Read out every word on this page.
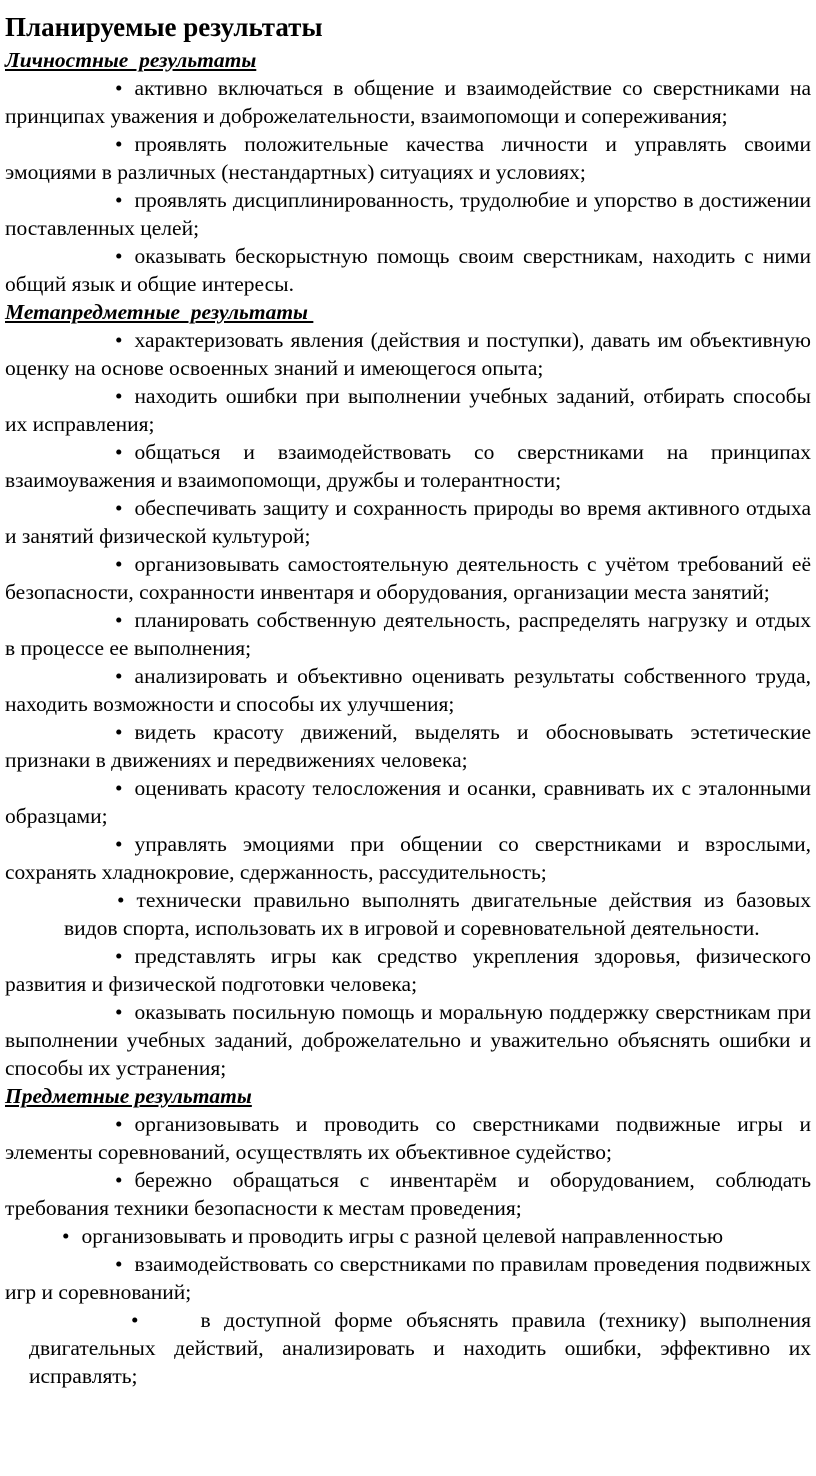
Планируемые результаты
Личностные  результаты

• активно включаться в общение и взаимодействие со сверстниками на принципах уважения и доброжелательности, взаимопомощи и сопереживания;

• проявлять положительные качества личности и управлять своими эмоциями в различных (нестандартных) ситуациях и условиях;

• проявлять дисциплинированность, трудолюбие и упорство в достижении поставленных целей;

• оказывать бескорыстную помощь своим сверстникам, находить с ними общий язык и общие интересы.

Метапредметные  результаты

• характеризовать явления (действия и поступки), давать им объективную оценку на основе освоенных знаний и имеющегося опыта;

• находить ошибки при выполнении учебных заданий, отбирать способы их исправления;

• общаться и взаимодействовать со сверстниками на принципах взаимоуважения и взаимопомощи, дружбы и толерантности;

• обеспечивать защиту и сохранность природы во время активного отдыха и занятий физической культурой;

• организовывать самостоятельную деятельность с учётом требований её безопасности, сохранности инвентаря и оборудования, организации места занятий;

• планировать собственную деятельность, распределять нагрузку и отдых в процессе ее выполнения;

• анализировать и объективно оценивать результаты собственного труда, находить возможности и способы их улучшения;

• видеть красоту движений, выделять и обосновывать эстетические признаки в движениях и передвижениях человека;

• оценивать красоту телосложения и осанки, сравнивать их с эталонными образцами;

• управлять эмоциями при общении со сверстниками и взрослыми, сохранять хладнокровие, сдержанность, рассудительность;

• технически правильно выполнять двигательные действия из базовых видов спорта, использовать их в игровой и соревновательной деятельности.

• представлять игры как средство укрепления здоровья, физического развития и физической подготовки человека;

• оказывать посильную помощь и моральную поддержку сверстникам при выполнении учебных заданий, доброжелательно и уважительно объяснять ошибки и способы их устранения;

Предметные результаты

• организовывать и проводить со сверстниками подвижные игры и элементы соревнований, осуществлять их объективное судейство;

• бережно обращаться с инвентарём и оборудованием, соблюдать требования техники безопасности к местам проведения;

• организовывать и проводить игры с разной целевой направленностью

• взаимодействовать со сверстниками по правилам проведения подвижных игр и соревнований;

•	в доступной форме объяснять правила (технику) выполнения двигательных действий, анализировать и находить ошибки, эффективно их исправлять;
